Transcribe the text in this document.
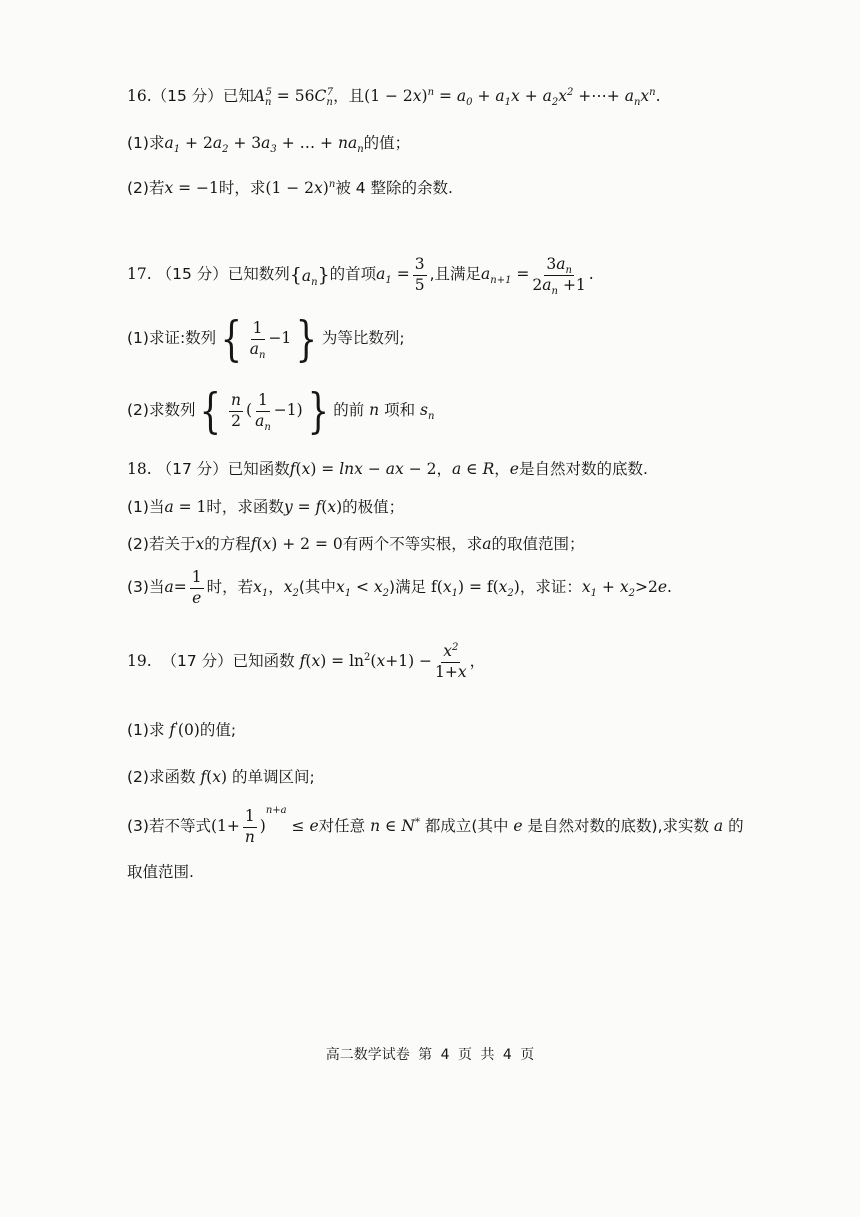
16. （15 分） 已知 $A_n^5 = 56C_n^7$ ，且 $(1 - 2x)^n = a_0 + a_1x + a_2x^2$ +⋯+ $a_nx^n$ .
(1)求 $a_1 + 2a_2 + 3a_3$ + … + $na_n$ 的值；
(2)若 x = −1 时，求 $(1 - 2x)^n$ 被 4 整除的余数.
17.
（15 分） 已知数列 $\{a_n\}$ 的首项 $a_1 = \frac{3}{5}$ ,且满足 $a_{n+1} = \frac{3a_n}{2a_n +1}$ .
(1)求证:数列 { $\frac{1}{a_n} -1$ } 为等比数列;
(2)求数列 { $\frac{n}{2}$ ( $\frac{1}{a_n} -1$) } 的前 n 项和 $s_n$
18.
（17 分） 已知函数 f(x) = lnx − ax − 2 ， a ∈ R ， e 是自然对数的底数.
(1)当 a = 1 时，求函数 y = f(x) 的极值；
(2)若关于 x 的方程 f(x) + 2 = 0 有两个不等实根，求 a 的取值范围；
(3)当 $a= \frac{1}{e}$ 时，若 $x_1$ ， $x_2$ (其中 $x_1 < x_2$ )满足 $f(x_1) = f(x_2)$ ，求证： $x_1 + x_2>2e$ .
19.
（17 分） 已知函数
$f(x) = \ln^2(x+1) - \frac{x^2}{1+x}$ ，
(1)求 f'(0) 的值;
(2)求函数 f(x) 的单调区间;
(3)若不等式 $(1+ \frac{1}{n} )^{n+a} \le e$ 对任意 n ∈ N* 都成立(其中 e 是自然对数的底数),求实数 a 的
取值范围.
高二数学试卷 第 4 页 共 4 页
